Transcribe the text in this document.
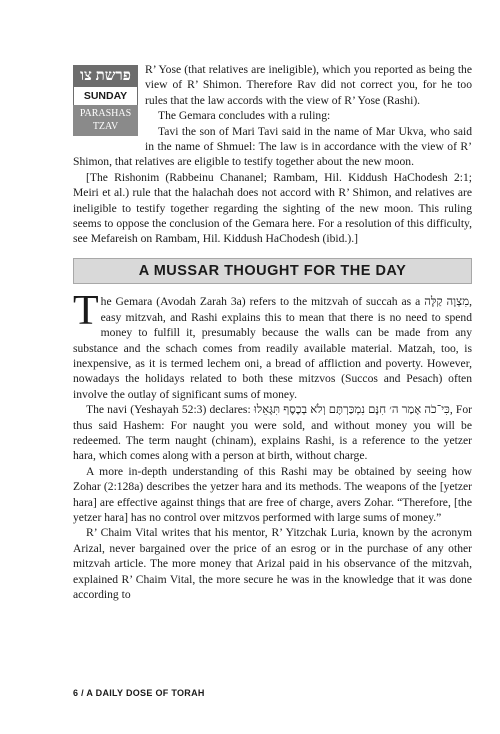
פרשת צו
SUNDAY
PARASHAS
TZAV

R’ Yose (that relatives are ineligible), which you reported as being the view of R’ Shimon. Therefore Rav did not correct you, for he too rules that the law accords with the view of R’ Yose (Rashi).

The Gemara concludes with a ruling:

Tavi the son of Mari Tavi said in the name of Mar Ukva, who said in the name of Shmuel: The law is in accordance with the view of R’ Shimon, that relatives are eligible to testify together about the new moon.

[The Rishonim (Rabbeinu Chananel; Rambam, Hil. Kiddush HaChodesh 2:1; Meiri et al.) rule that the halachah does not accord with R’ Shimon, and relatives are ineligible to testify together regarding the sighting of the new moon. This ruling seems to oppose the conclusion of the Gemara here. For a resolution of this difficulty, see Mefareish on Rambam, Hil. Kiddush HaChodesh (ibid.).]

A MUSSAR THOUGHT FOR THE DAY

The Gemara (Avodah Zarah 3a) refers to the mitzvah of succah as a מִצְוָה קַלָּה, easy mitzvah, and Rashi explains this to mean that there is no need to spend money to fulfill it, presumably because the walls can be made from any substance and the schach comes from readily available material. Matzah, too, is inexpensive, as it is termed lechem oni, a bread of affliction and poverty. However, nowadays the holidays related to both these mitzvos (Succos and Pesach) often involve the outlay of significant sums of money.

The navi (Yeshayah 52:3) declares: כִּי־כֹה אָמַר ה׳ חִנָּם נִמְכַּרְתֶּם וְלֹא בְכֶסֶף תִּגָּאֵלוּ, For thus said Hashem: For naught you were sold, and without money you will be redeemed. The term naught (chinam), explains Rashi, is a reference to the yetzer hara, which comes along with a person at birth, without charge.

A more in-depth understanding of this Rashi may be obtained by seeing how Zohar (2:128a) describes the yetzer hara and its methods. The weapons of the [yetzer hara] are effective against things that are free of charge, avers Zohar. “Therefore, [the yetzer hara] has no control over mitzvos performed with large sums of money.”

R’ Chaim Vital writes that his mentor, R’ Yitzchak Luria, known by the acronym Arizal, never bargained over the price of an esrog or in the purchase of any other mitzvah article. The more money that Arizal paid in his observance of the mitzvah, explained R’ Chaim Vital, the more secure he was in the knowledge that it was done according to

6 / A DAILY DOSE OF TORAH
